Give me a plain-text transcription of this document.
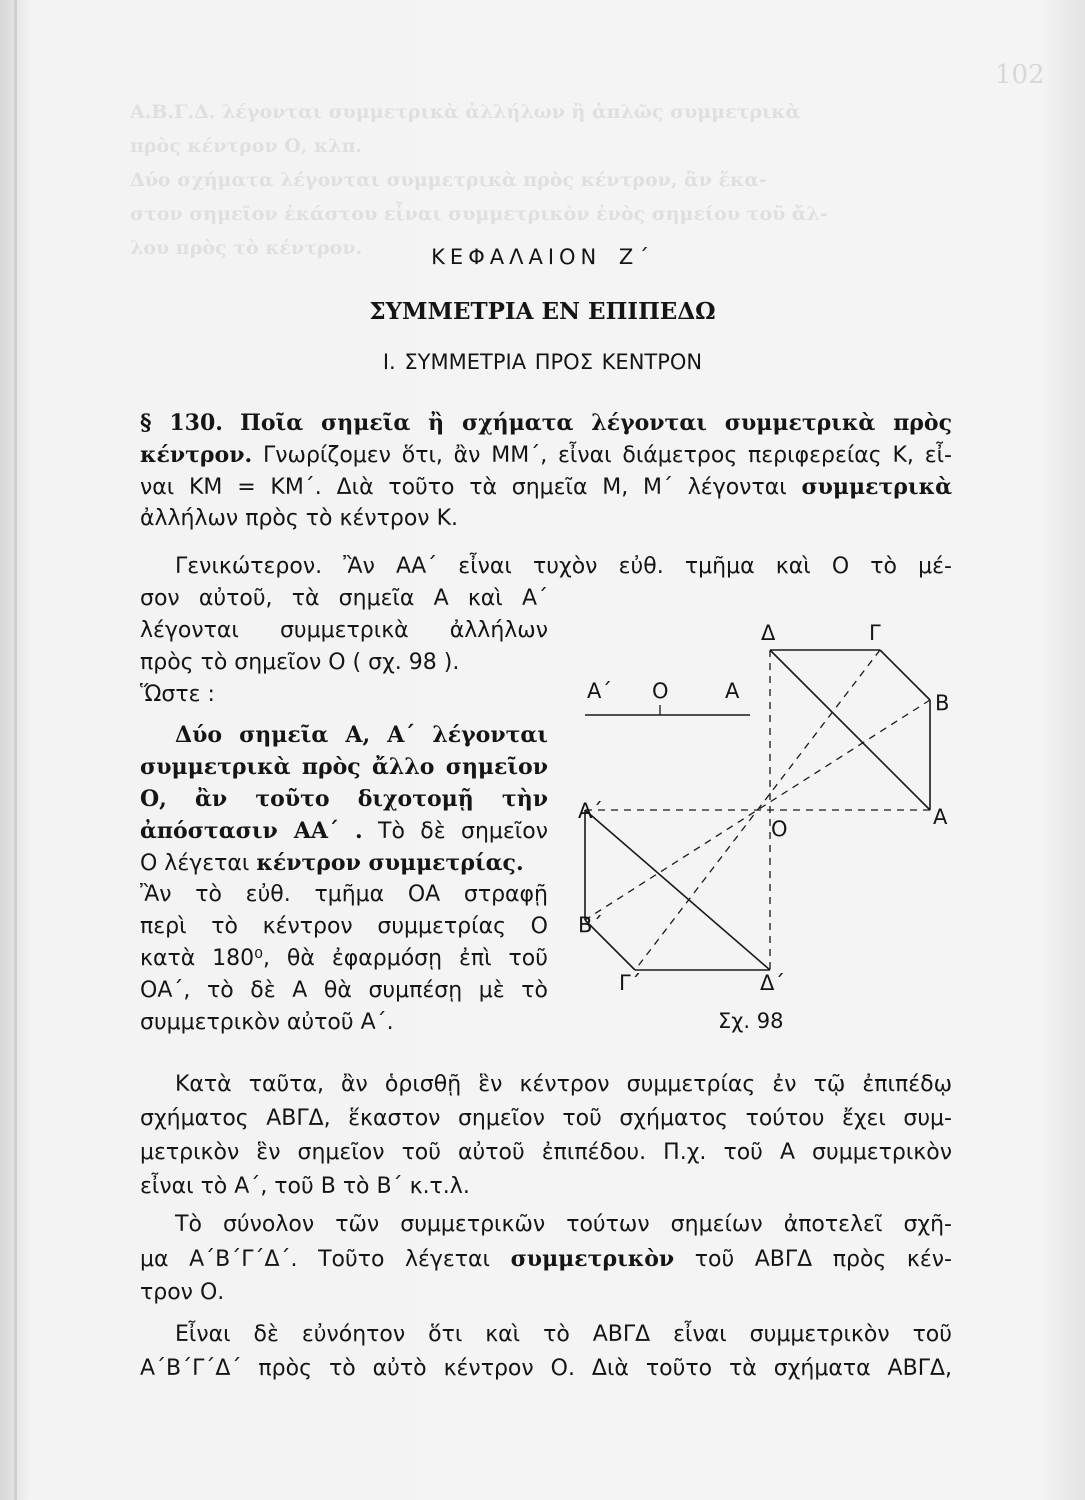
102
Α.Β.Γ.Δ. λέγονται συμμετρικὰ ἀλλήλων ἢ ἁπλῶς συμμετρικὰ
πρὸς κέντρον Ο, κλπ.
Δύο σχήματα λέγονται συμμετρικὰ πρὸς κέντρον, ἂν ἕκα-
στον σημεῖον ἑκάστου εἶναι συμμετρικὸν ἑνὸς σημείου τοῦ ἄλ-
λου πρὸς τὸ κέντρον.	ΚΕΦΑΛΑΙΟΝ Ζ΄
ΣΥΜΜΕΤΡΙΑ ΕΝ ΕΠΙΠΕΔΩ
Ι. ΣΥΜΜΕΤΡΙΑ ΠΡΟΣ ΚΕΝΤΡΟΝ
§ 130. Ποῖα σημεῖα ἢ σχήματα λέγονται συμμετρικὰ πρὸς
κέντρον. Γνωρίζομεν ὅτι, ἂν ΜΜ΄, εἶναι διάμετρος περιφερείας Κ, εἶ-
ναι ΚΜ = ΚΜ΄. Διὰ τοῦτο τὰ σημεῖα Μ, Μ΄ λέγονται συμμετρικὰ
ἀλλήλων πρὸς τὸ κέντρον Κ.
Γενικώτερον. Ἂν ΑΑ΄ εἶναι τυχὸν εὐθ. τμῆμα καὶ Ο τὸ μέ-
σον αὐτοῦ, τὰ σημεῖα Α καὶ Α΄
λέγονται συμμετρικὰ ἀλλήλων
πρὸς τὸ σημεῖον Ο ( σχ. 98 ).
Ὥστε :
Δύο σημεῖα Α, Α΄ λέγονται
συμμετρικὰ πρὸς ἄλλο σημεῖον
Ο, ἂν τοῦτο διχοτομῇ τὴν
ἀπόστασιν ΑΑ΄ . Τὸ δὲ σημεῖον
Ο λέγεται κέντρον συμμετρίας.
Ἂν τὸ εὐθ. τμῆμα ΟΑ στραφῇ
περὶ τὸ κέντρον συμμετρίας Ο
κατὰ 180⁰, θὰ ἐφαρμόσῃ ἐπὶ τοῦ
ΟΑ΄, τὸ δὲ Α θὰ συμπέσῃ μὲ τὸ
συμμετρικὸν αὐτοῦ Α΄.
Κατὰ ταῦτα, ἂν ὁρισθῇ ἓν κέντρον συμμετρίας ἐν τῷ ἐπιπέδῳ
σχήματος ΑΒΓΔ, ἕκαστον σημεῖον τοῦ σχήματος τούτου ἔχει συμ-
μετρικὸν ἓν σημεῖον τοῦ αὐτοῦ ἐπιπέδου. Π.χ. τοῦ Α συμμετρικὸν
εἶναι τὸ Α΄, τοῦ Β τὸ Β΄ κ.τ.λ.
Τὸ σύνολον τῶν συμμετρικῶν τούτων σημείων ἀποτελεῖ σχῆ-
μα Α΄Β΄Γ΄Δ΄. Τοῦτο λέγεται συμμετρικὸν τοῦ ΑΒΓΔ πρὸς κέν-
τρον Ο.
Εἶναι δὲ εὐνόητον ὅτι καὶ τὸ ΑΒΓΔ εἶναι συμμετρικὸν τοῦ
Α΄Β΄Γ΄Δ΄ πρὸς τὸ αὐτὸ κέντρον Ο. Διὰ τοῦτο τὰ σχήματα ΑΒΓΔ,
Α΄ Ο	Α
Δ	Γ
Β
Α
Α΄
Ο
Β΄
Γ΄	Δ΄
Σχ. 98
